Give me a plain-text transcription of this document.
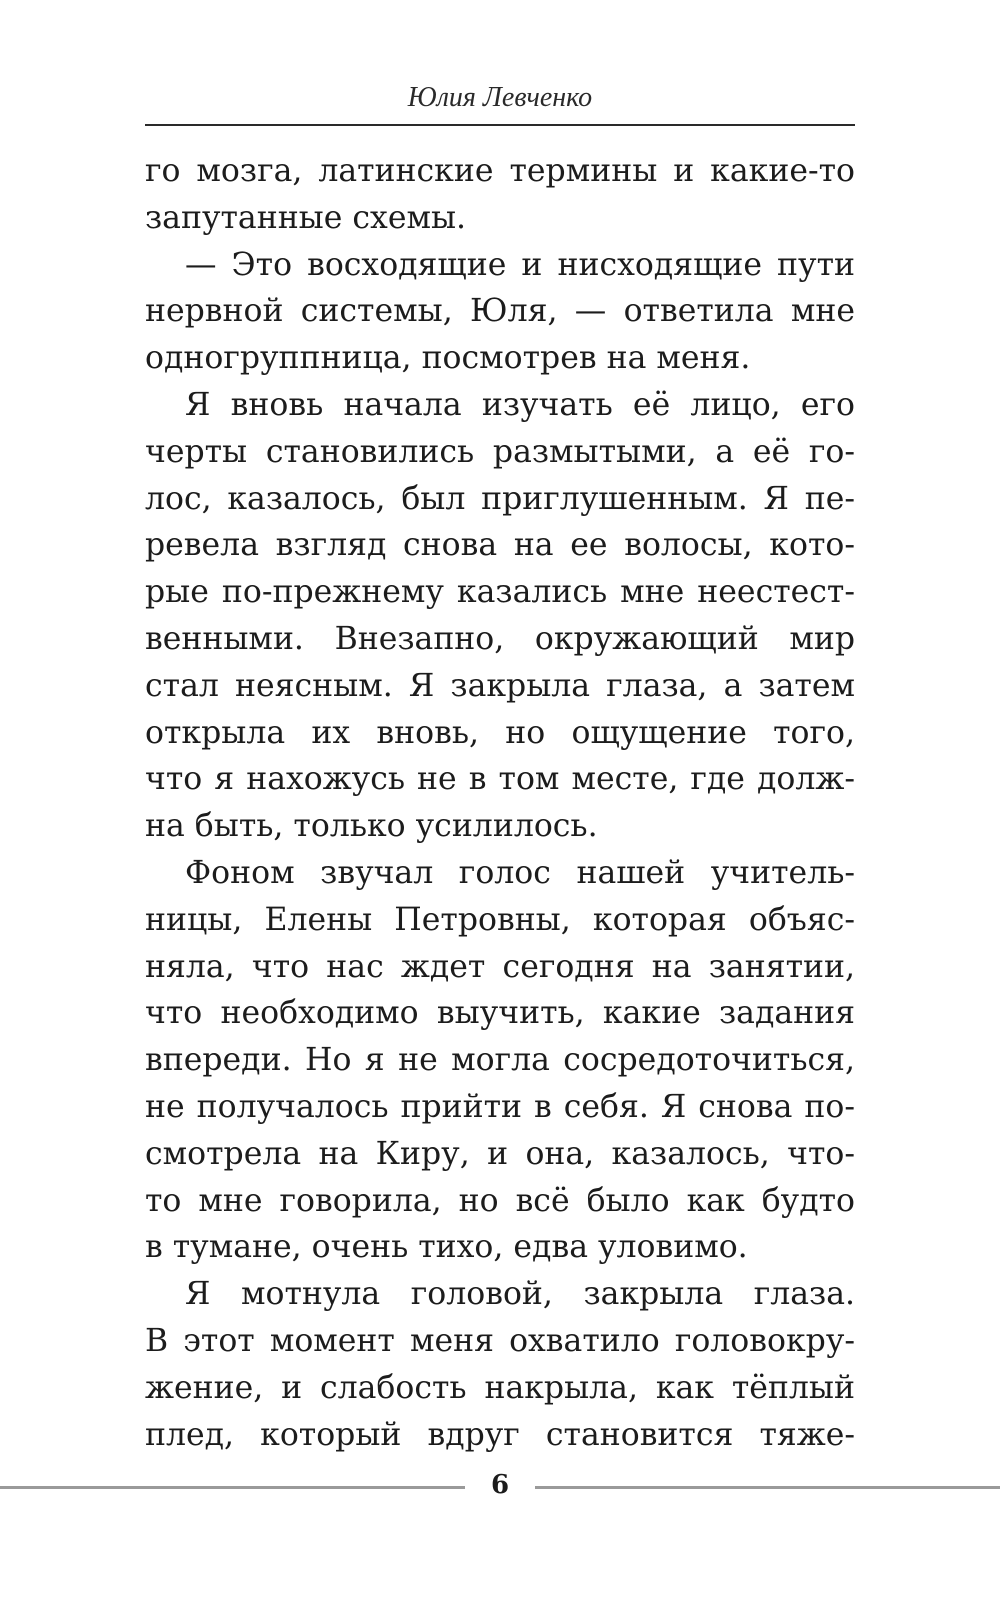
Юлия Левченко
го мозга, латинские термины и какие-то
запутанные схемы.
— Это восходящие и нисходящие пути
нервной системы, Юля, — ответила мне
одногруппница, посмотрев на меня.
Я вновь начала изучать её лицо, его
черты становились размытыми, а её го-
лос, казалось, был приглушенным. Я пе-
ревела взгляд снова на ее волосы, кото-
рые по-прежнему казались мне неестест-
венными. Внезапно, окружающий мир
стал неясным. Я закрыла глаза, а затем
открыла их вновь, но ощущение того,
что я нахожусь не в том месте, где долж-
на быть, только усилилось.
Фоном звучал голос нашей учитель-
ницы, Елены Петровны, которая объяс-
няла, что нас ждет сегодня на занятии,
что необходимо выучить, какие задания
впереди. Но я не могла сосредоточиться,
не получалось прийти в себя. Я снова по-
смотрела на Киру, и она, казалось, что-
то мне говорила, но всё было как будто
в тумане, очень тихо, едва уловимо.
Я мотнула головой, закрыла глаза.
В этот момент меня охватило головокру-
жение, и слабость накрыла, как тёплый
плед, который вдруг становится тяже-
6
